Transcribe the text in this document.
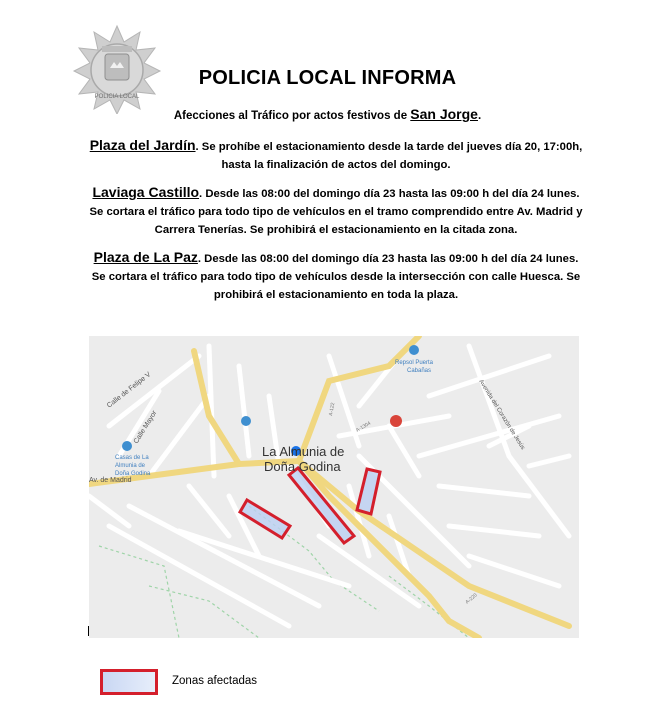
POLICIA LOCAL
POLICIA LOCAL INFORMA
Afecciones al Tráfico por actos festivos de San Jorge.
Plaza del Jardín. Se prohíbe el estacionamiento desde la tarde del jueves día 20, 17:00h, hasta la finalización de actos del domingo.
Laviaga Castillo. Desde las 08:00 del domingo día 23 hasta las 09:00 h del día 24 lunes. Se cortara el tráfico para todo tipo de vehículos en el tramo comprendido entre Av. Madrid y Carrera Tenerías. Se prohibirá el estacionamiento en la citada zona.
Plaza de La Paz. Desde las 08:00 del domingo día 23 hasta las 09:00 h del día 24 lunes. Se cortara el tráfico para todo tipo de vehículos desde la intersección con calle Huesca. Se prohibirá el estacionamiento en toda la plaza.
La Almunia de
Doña Godina
Calle de Felipe V
Calle Mayor
Av. de Madrid
A-122
A-1304	Avenida del Corazón de Jesús
A-220
Repsol Puerta
Cabañas
Casas de La
Almunia de
Doña Godina
Zonas afectadas
